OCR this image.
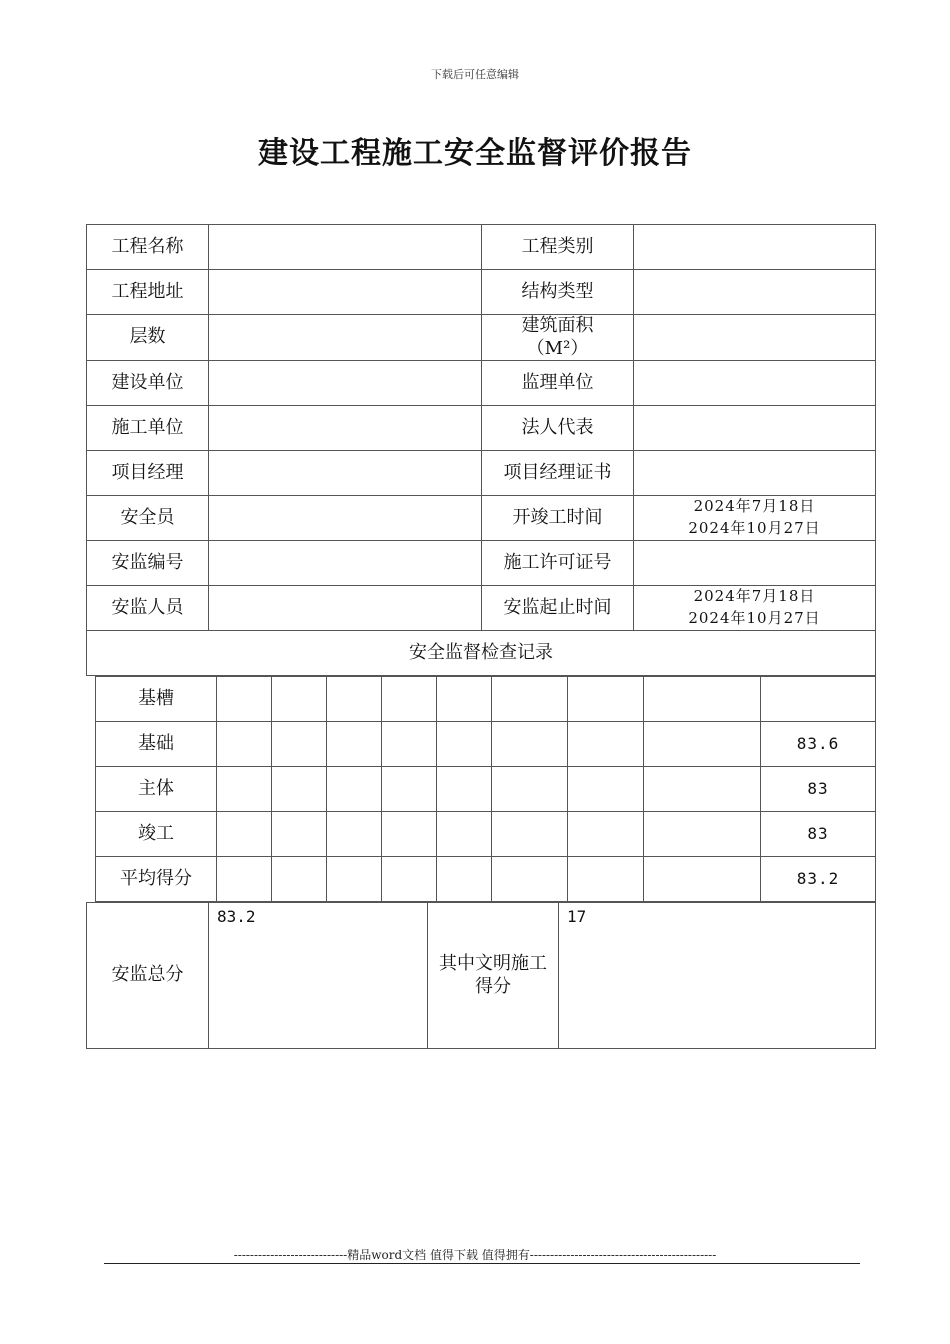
下载后可任意编辑
建设工程施工安全监督评价报告
工程名称		工程类别	
工程地址		结构类型	
层数		建筑面积（M²）	
建设单位		监理单位	
施工单位		法人代表	
项目经理		项目经理证书	
安全员		开竣工时间	2024年7月18日
2024年10月27日

安监编号		施工许可证号	
安监人员		安监起止时间	2024年7月18日
2024年10月27日

安全监督检查记录			
基槽									
基础									83.6
主体									83
竣工									83
平均得分									83.2
安监总分	83.2	其中文明施工得分	17
----------------------------精品word文档 值得下载 值得拥有----------------------------------------------
